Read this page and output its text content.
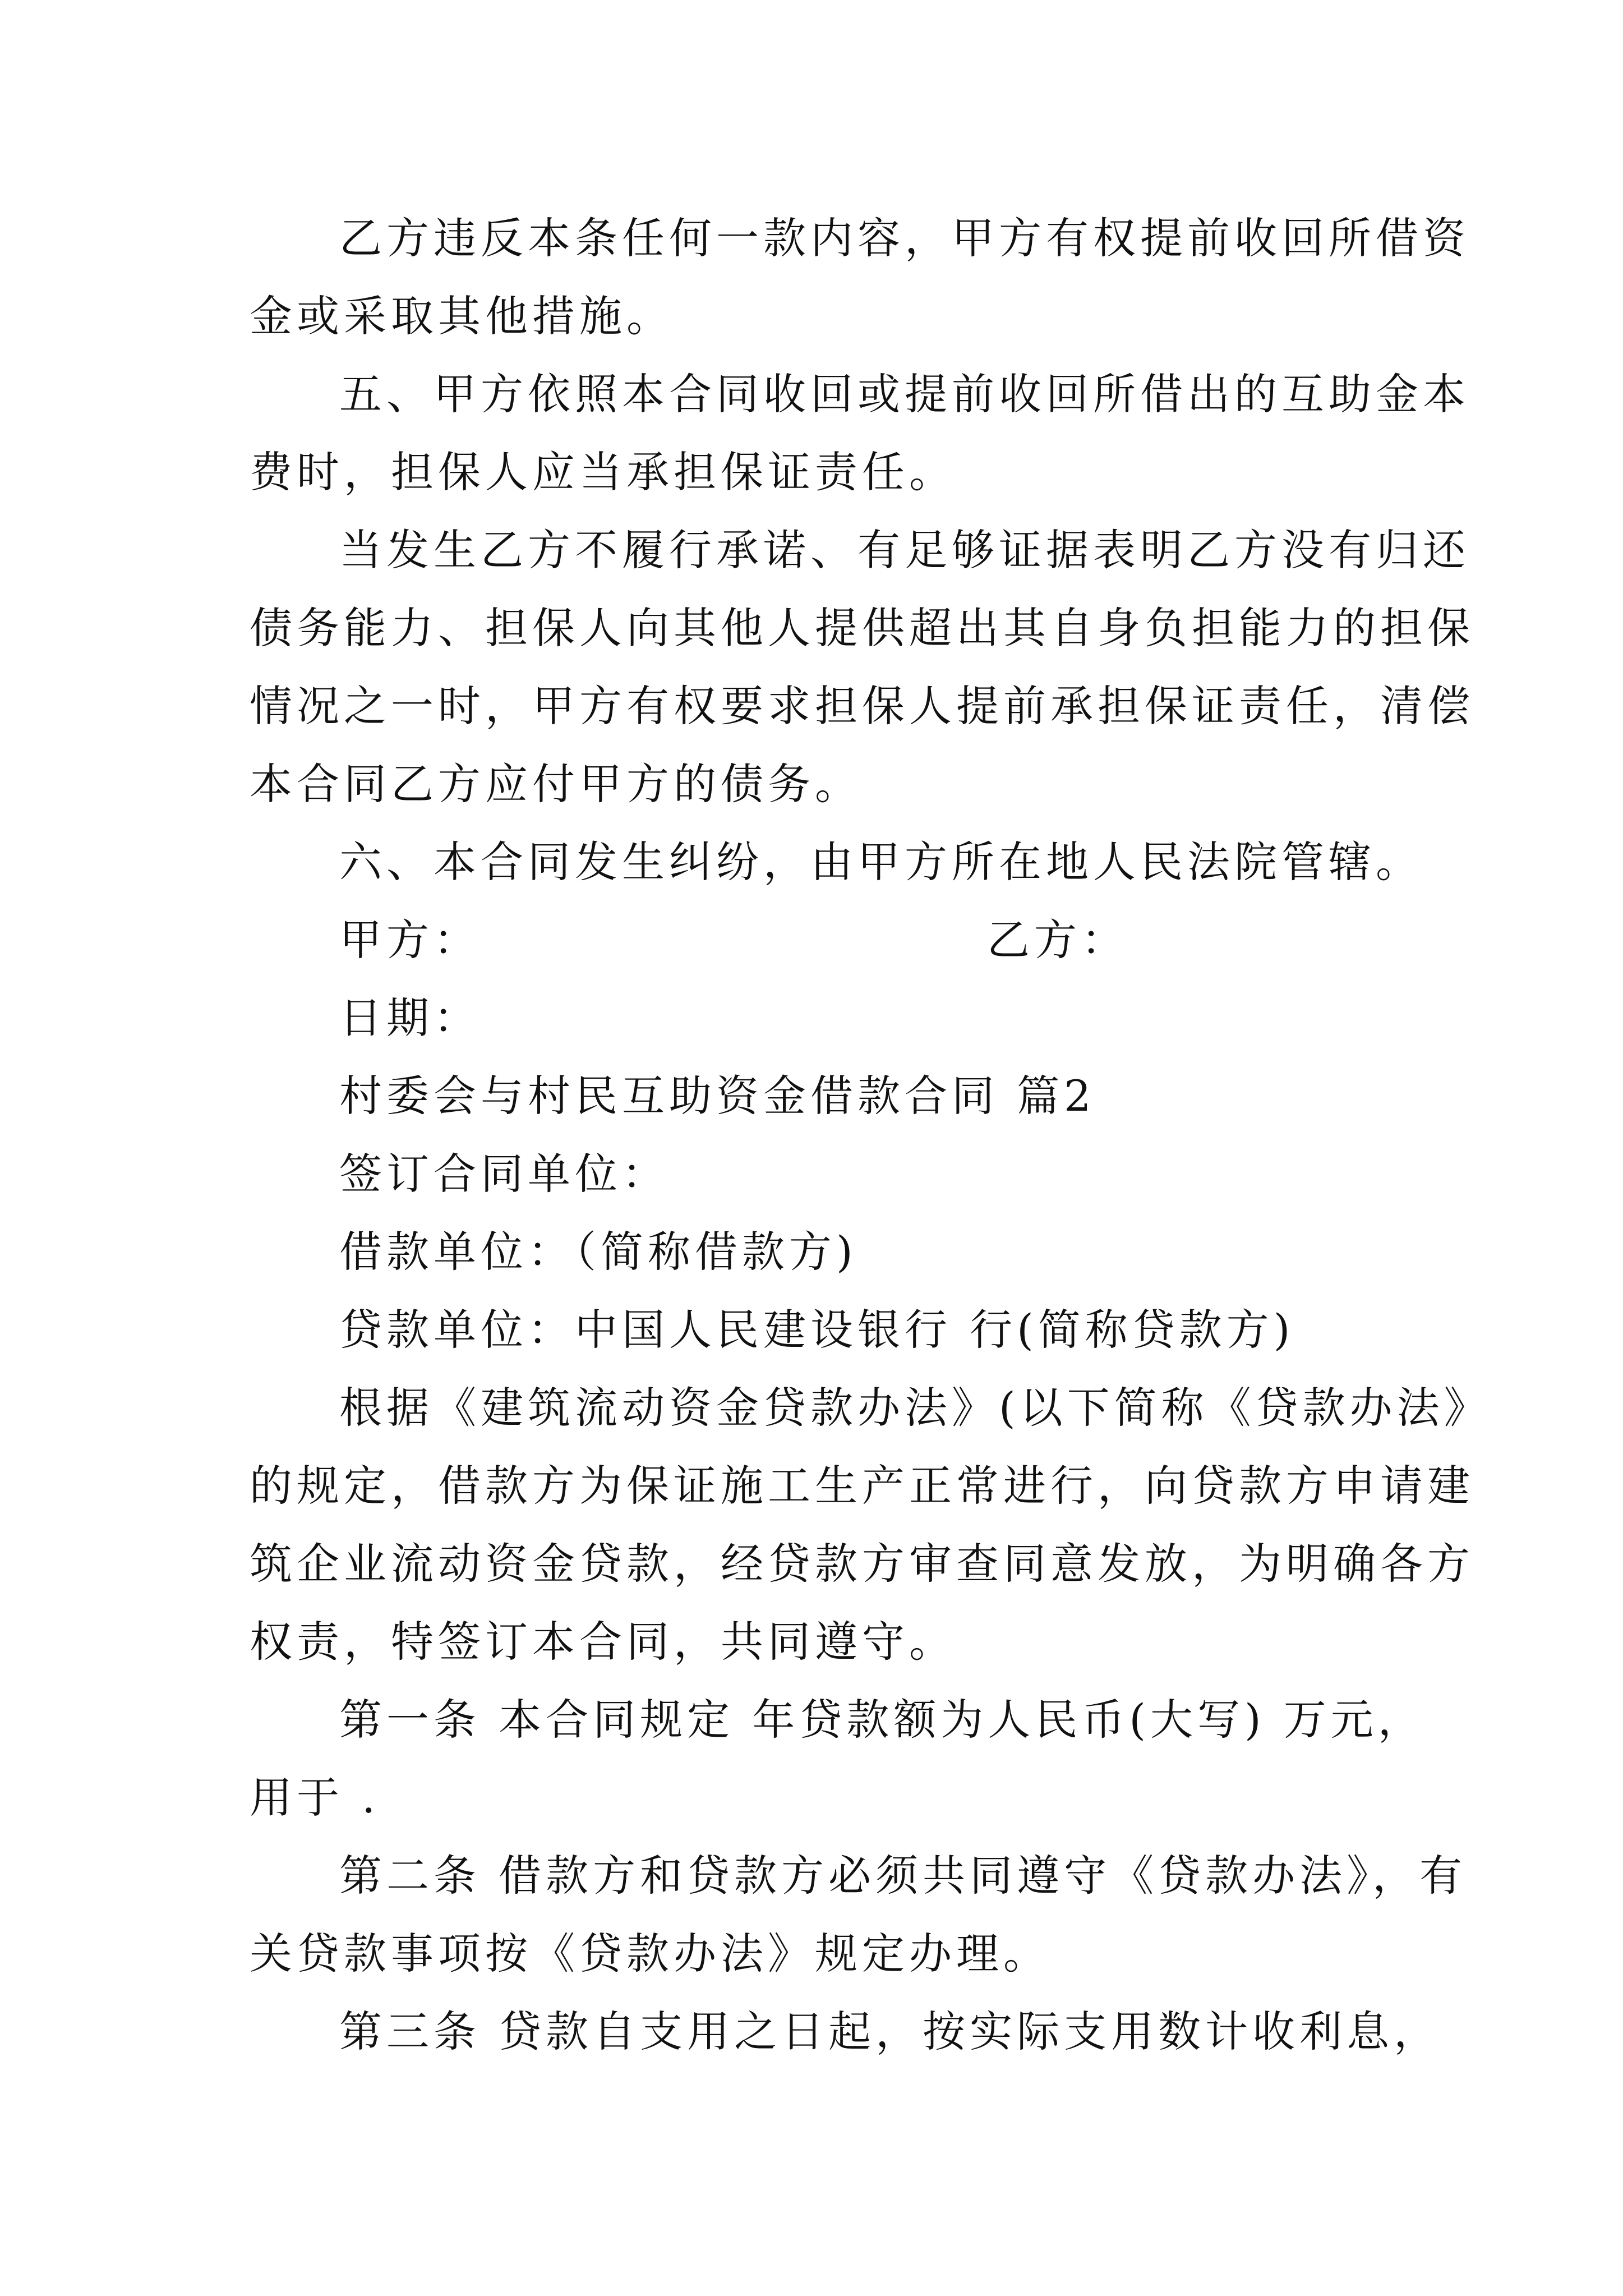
乙方违反本条任何一款内容，甲方有权提前收回所借资
金或采取其他措施。
五、甲方依照本合同收回或提前收回所借出的互助金本
费时，担保人应当承担保证责任。
当发生乙方不履行承诺、有足够证据表明乙方没有归还
债务能力、担保人向其他人提供超出其自身负担能力的担保
情况之一时，甲方有权要求担保人提前承担保证责任，清偿
本合同乙方应付甲方的债务。
六、本合同发生纠纷，由甲方所在地人民法院管辖。
甲方：	乙方：
日期：
村委会与村民互助资金借款合同 篇2
签订合同单位：
借款单位：（简称借款方)
贷款单位：中国人民建设银行 行(简称贷款方)
根据《建筑流动资金贷款办法》(以下简称《贷款办法》
的规定，借款方为保证施工生产正常进行，向贷款方申请建
筑企业流动资金贷款，经贷款方审查同意发放，为明确各方
权责，特签订本合同，共同遵守。
第一条 本合同规定 年贷款额为人民币(大写) 万元，
用于 .
第二条 借款方和贷款方必须共同遵守《贷款办法》，有
关贷款事项按《贷款办法》规定办理。
第三条 贷款自支用之日起，按实际支用数计收利息，
